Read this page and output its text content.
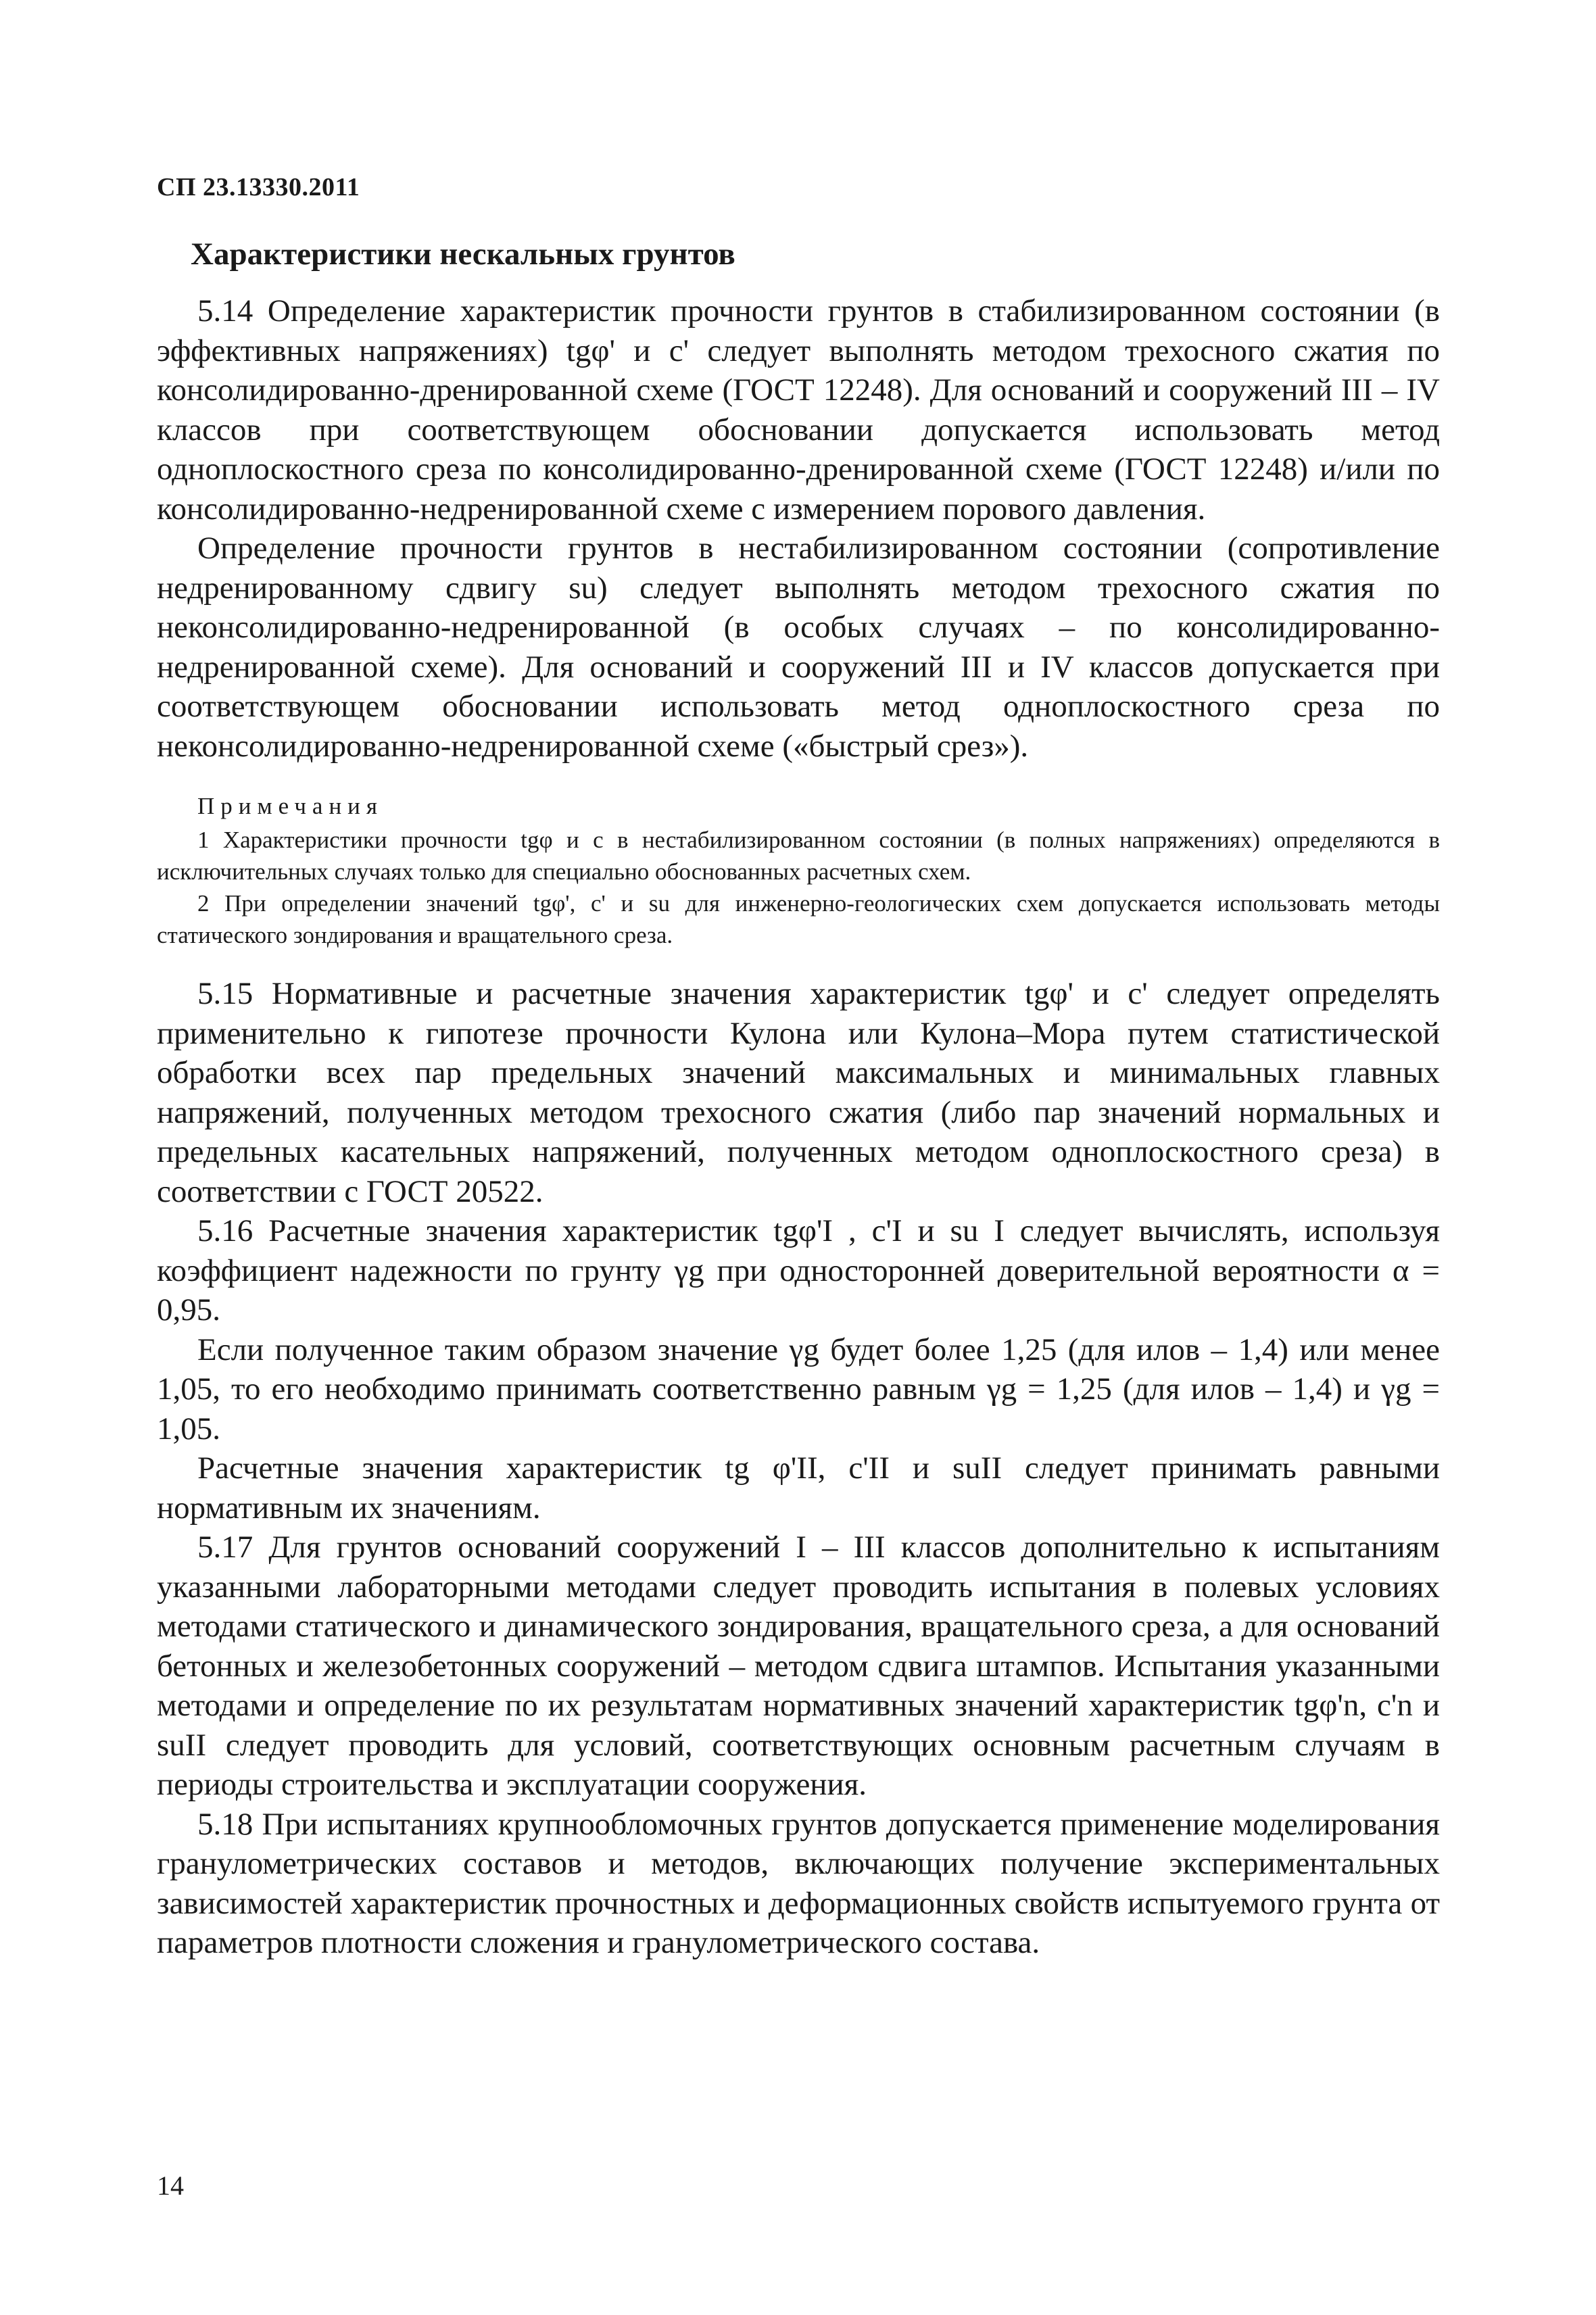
СП 23.13330.2011
Характеристики нескальных грунтов

5.14 Определение характеристик прочности грунтов в стабилизированном состоянии (в эффективных напряжениях) tgφ' и c' следует выполнять методом трехосного сжатия по консолидированно-дренированной схеме (ГОСТ 12248). Для оснований и сооружений III – IV классов при соответствующем обосновании допускается использовать метод одноплоскостного среза по консолидированно-дренированной схеме (ГОСТ 12248) и/или по консолидированно-недренированной схеме с измерением порового давления.

Определение прочности грунтов в нестабилизированном состоянии (сопротивление недренированному сдвигу su) следует выполнять методом трехосного сжатия по неконсолидированно-недренированной (в особых случаях – по консолидированно-недренированной схеме). Для оснований и сооружений III и IV классов допускается при соответствующем обосновании использовать метод одноплоскостного среза по неконсолидированно-недренированной схеме («быстрый срез»).

Примечания

1 Характеристики прочности tgφ и c в нестабилизированном состоянии (в полных напряжениях) определяются в исключительных случаях только для специально обоснованных расчетных схем.

2 При определении значений tgφ', c' и su для инженерно-геологических схем допускается использовать методы статического зондирования и вращательного среза.

5.15 Нормативные и расчетные значения характеристик tgφ' и c' следует определять применительно к гипотезе прочности Кулона или Кулона–Мора путем статистической обработки всех пар предельных значений максимальных и минимальных главных напряжений, полученных методом трехосного сжатия (либо пар значений нормальных и предельных касательных напряжений, полученных методом одноплоскостного среза) в соответствии с ГОСТ 20522.

5.16 Расчетные значения характеристик tgφ'I , c'I и su I следует вычислять, используя коэффициент надежности по грунту γg при односторонней доверительной вероятности α = 0,95.

Если полученное таким образом значение γg будет более 1,25 (для илов – 1,4) или менее 1,05, то его необходимо принимать соответственно равным γg = 1,25 (для илов – 1,4) и γg = 1,05.

Расчетные значения характеристик tg φ'II, c'II и suII следует принимать равными нормативным их значениям.

5.17 Для грунтов оснований сооружений I – III классов дополнительно к испытаниям указанными лабораторными методами следует проводить испытания в полевых условиях методами статического и динамического зондирования, вращательного среза, а для оснований бетонных и железобетонных сооружений – методом сдвига штампов. Испытания указанными методами и определение по их результатам нормативных значений характеристик tgφ'n, c'n и suII следует проводить для условий, соответствующих основным расчетным случаям в периоды строительства и эксплуатации сооружения.

5.18 При испытаниях крупнообломочных грунтов допускается применение моделирования гранулометрических составов и методов, включающих получение экспериментальных зависимостей характеристик прочностных и деформационных свойств испытуемого грунта от параметров плотности сложения и гранулометрического состава.

14
